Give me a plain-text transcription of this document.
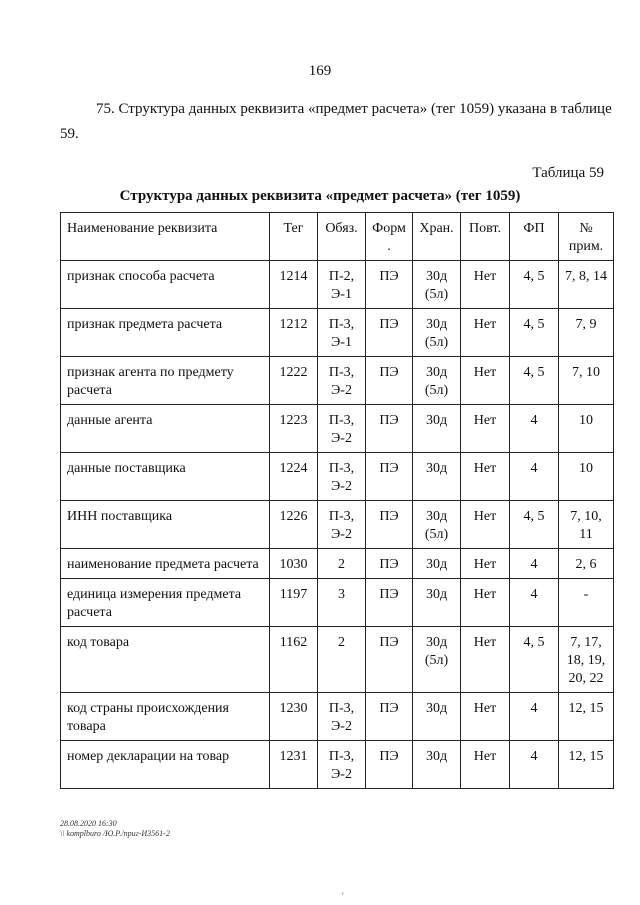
169
75. Структура данных реквизита «предмет расчета» (тег 1059) указана в таблице
59.
Таблица 59
Структура данных реквизита «предмет расчета» (тег 1059)
Наименование реквизита	Тег	Обяз.	Форм .	Хран.	Повт.	ФП	№ прим.
признак способа расчета	1214	П-2, Э-1	ПЭ	30д (5л)	Нет	4, 5	7, 8, 14
признак предмета расчета	1212	П-3, Э-1	ПЭ	30д (5л)	Нет	4, 5	7, 9
признак агента по предмету расчета	1222	П-3, Э-2	ПЭ	30д (5л)	Нет	4, 5	7, 10
данные агента	1223	П-3, Э-2	ПЭ	30д	Нет	4	10
данные поставщика	1224	П-3, Э-2	ПЭ	30д	Нет	4	10
ИНН поставщика	1226	П-3, Э-2	ПЭ	30д (5л)	Нет	4, 5	7, 10, 11
наименование предмета расчета	1030	2	ПЭ	30д	Нет	4	2, 6
единица измерения предмета расчета	1197	3	ПЭ	30д	Нет	4	-
код товара	1162	2	ПЭ	30д (5л)	Нет	4, 5	7, 17, 18, 19, 20, 22
код страны происхождения товара	1230	П-3, Э-2	ПЭ	30д	Нет	4	12, 15
номер декларации на товар	1231	П-3, Э-2	ПЭ	30д	Нет	4	12, 15
28.08.2020 16:30
\\ komplburo /Ю.Р./приг-И3561-2
'
